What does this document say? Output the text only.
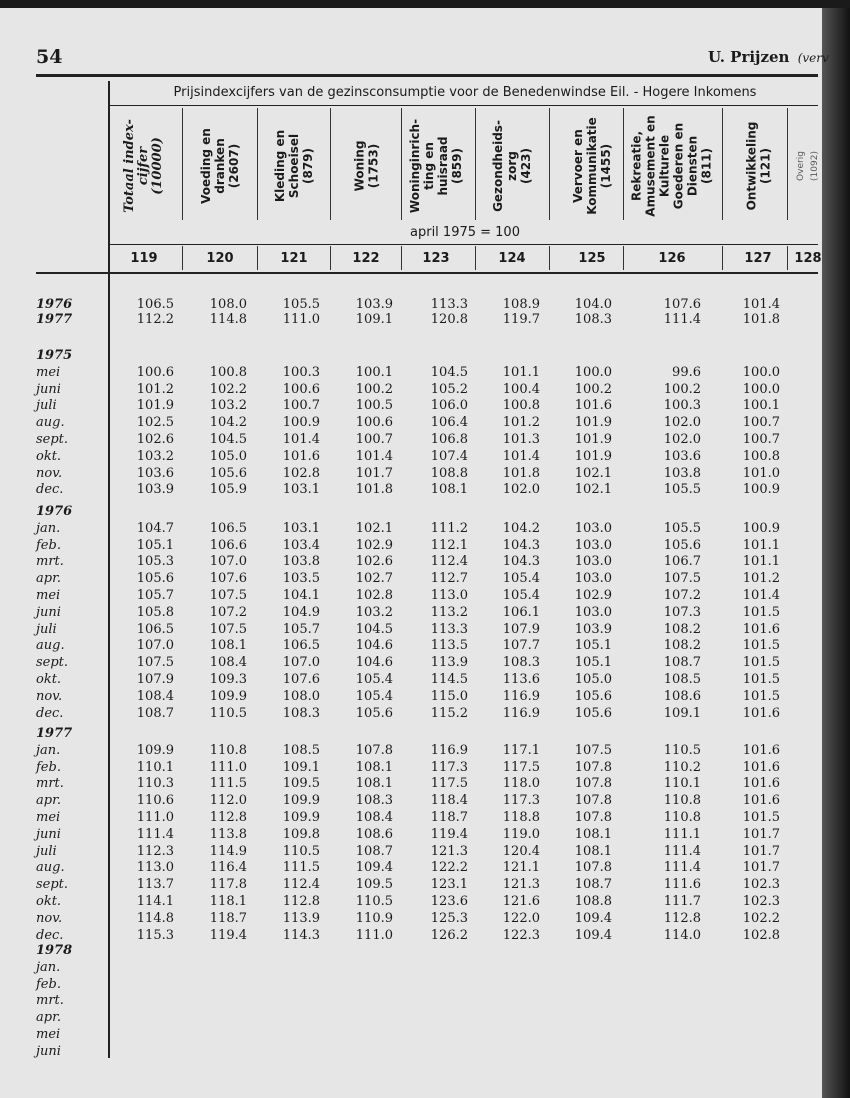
54	U. Prijzen (verv
Prijsindexcijfers van de gezinsconsumptie voor de Benedenwindse Eil. - Hogere Inkomens
Totaal index-
cijfer
(10000)
119
Voeding en
dranken
(2607)
120
Kleding en
Schoeisel
(879)
121
Woning
(1753)
122
Woninginrich-
ting en
huisraad
(859)
123
Gezondheids-
zorg
(423)
124
Vervoer en
Kommunikatie
(1455)
125
Rekreatie,
Amusement en
Kulturele
Goederen en
Diensten
(811)
126
Ontwikkeling
(121)
127
Overig
(1092)
128
april 1975 = 100
1976	106.5	108.0	105.5	103.9	113.3	108.9	104.0	107.6	101.4
1977	112.2	114.8	111.0	109.1	120.8	119.7	108.3	111.4	101.8
1975
mei	100.6	100.8	100.3	100.1	104.5	101.1	100.0	99.6	100.0
juni	101.2	102.2	100.6	100.2	105.2	100.4	100.2	100.2	100.0
juli	101.9	103.2	100.7	100.5	106.0	100.8	101.6	100.3	100.1
aug.	102.5	104.2	100.9	100.6	106.4	101.2	101.9	102.0	100.7
sept.	102.6	104.5	101.4	100.7	106.8	101.3	101.9	102.0	100.7
okt.	103.2	105.0	101.6	101.4	107.4	101.4	101.9	103.6	100.8
nov.	103.6	105.6	102.8	101.7	108.8	101.8	102.1	103.8	101.0
dec.	103.9	105.9	103.1	101.8	108.1	102.0	102.1	105.5	100.9
1976
jan.	104.7	106.5	103.1	102.1	111.2	104.2	103.0	105.5	100.9
feb.	105.1	106.6	103.4	102.9	112.1	104.3	103.0	105.6	101.1
mrt.	105.3	107.0	103.8	102.6	112.4	104.3	103.0	106.7	101.1
apr.	105.6	107.6	103.5	102.7	112.7	105.4	103.0	107.5	101.2
mei	105.7	107.5	104.1	102.8	113.0	105.4	102.9	107.2	101.4
juni	105.8	107.2	104.9	103.2	113.2	106.1	103.0	107.3	101.5
juli	106.5	107.5	105.7	104.5	113.3	107.9	103.9	108.2	101.6
aug.	107.0	108.1	106.5	104.6	113.5	107.7	105.1	108.2	101.5
sept.	107.5	108.4	107.0	104.6	113.9	108.3	105.1	108.7	101.5
okt.	107.9	109.3	107.6	105.4	114.5	113.6	105.0	108.5	101.5
nov.	108.4	109.9	108.0	105.4	115.0	116.9	105.6	108.6	101.5
dec.	108.7	110.5	108.3	105.6	115.2	116.9	105.6	109.1	101.6
1977
jan.	109.9	110.8	108.5	107.8	116.9	117.1	107.5	110.5	101.6
feb.	110.1	111.0	109.1	108.1	117.3	117.5	107.8	110.2	101.6
mrt.	110.3	111.5	109.5	108.1	117.5	118.0	107.8	110.1	101.6
apr.	110.6	112.0	109.9	108.3	118.4	117.3	107.8	110.8	101.6
mei	111.0	112.8	109.9	108.4	118.7	118.8	107.8	110.8	101.5
juni	111.4	113.8	109.8	108.6	119.4	119.0	108.1	111.1	101.7
juli	112.3	114.9	110.5	108.7	121.3	120.4	108.1	111.4	101.7
aug.	113.0	116.4	111.5	109.4	122.2	121.1	107.8	111.4	101.7
sept.	113.7	117.8	112.4	109.5	123.1	121.3	108.7	111.6	102.3
okt.	114.1	118.1	112.8	110.5	123.6	121.6	108.8	111.7	102.3
nov.	114.8	118.7	113.9	110.9	125.3	122.0	109.4	112.8	102.2
dec.	115.3	119.4	114.3	111.0	126.2	122.3	109.4	114.0	102.8
1978
jan.
feb.
mrt.
apr.
mei
juni
